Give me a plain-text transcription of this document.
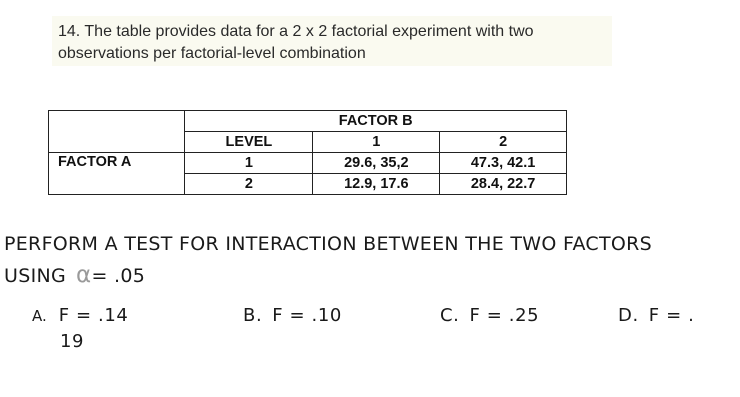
14. The table provides data for a 2 x 2 factorial experiment with two
observations per factorial-level combination
	FACTOR B		
	LEVEL	1	2
FACTOR A	1	29.6, 35,2	47.3, 42.1
	2	12.9, 17.6	28.4, 22.7
PERFORM A TEST FOR INTERACTION BETWEEN THE TWO FACTORS
USING α= .05
A. F = .14	B. F = .10	C. F = .25	D. F = .
19
